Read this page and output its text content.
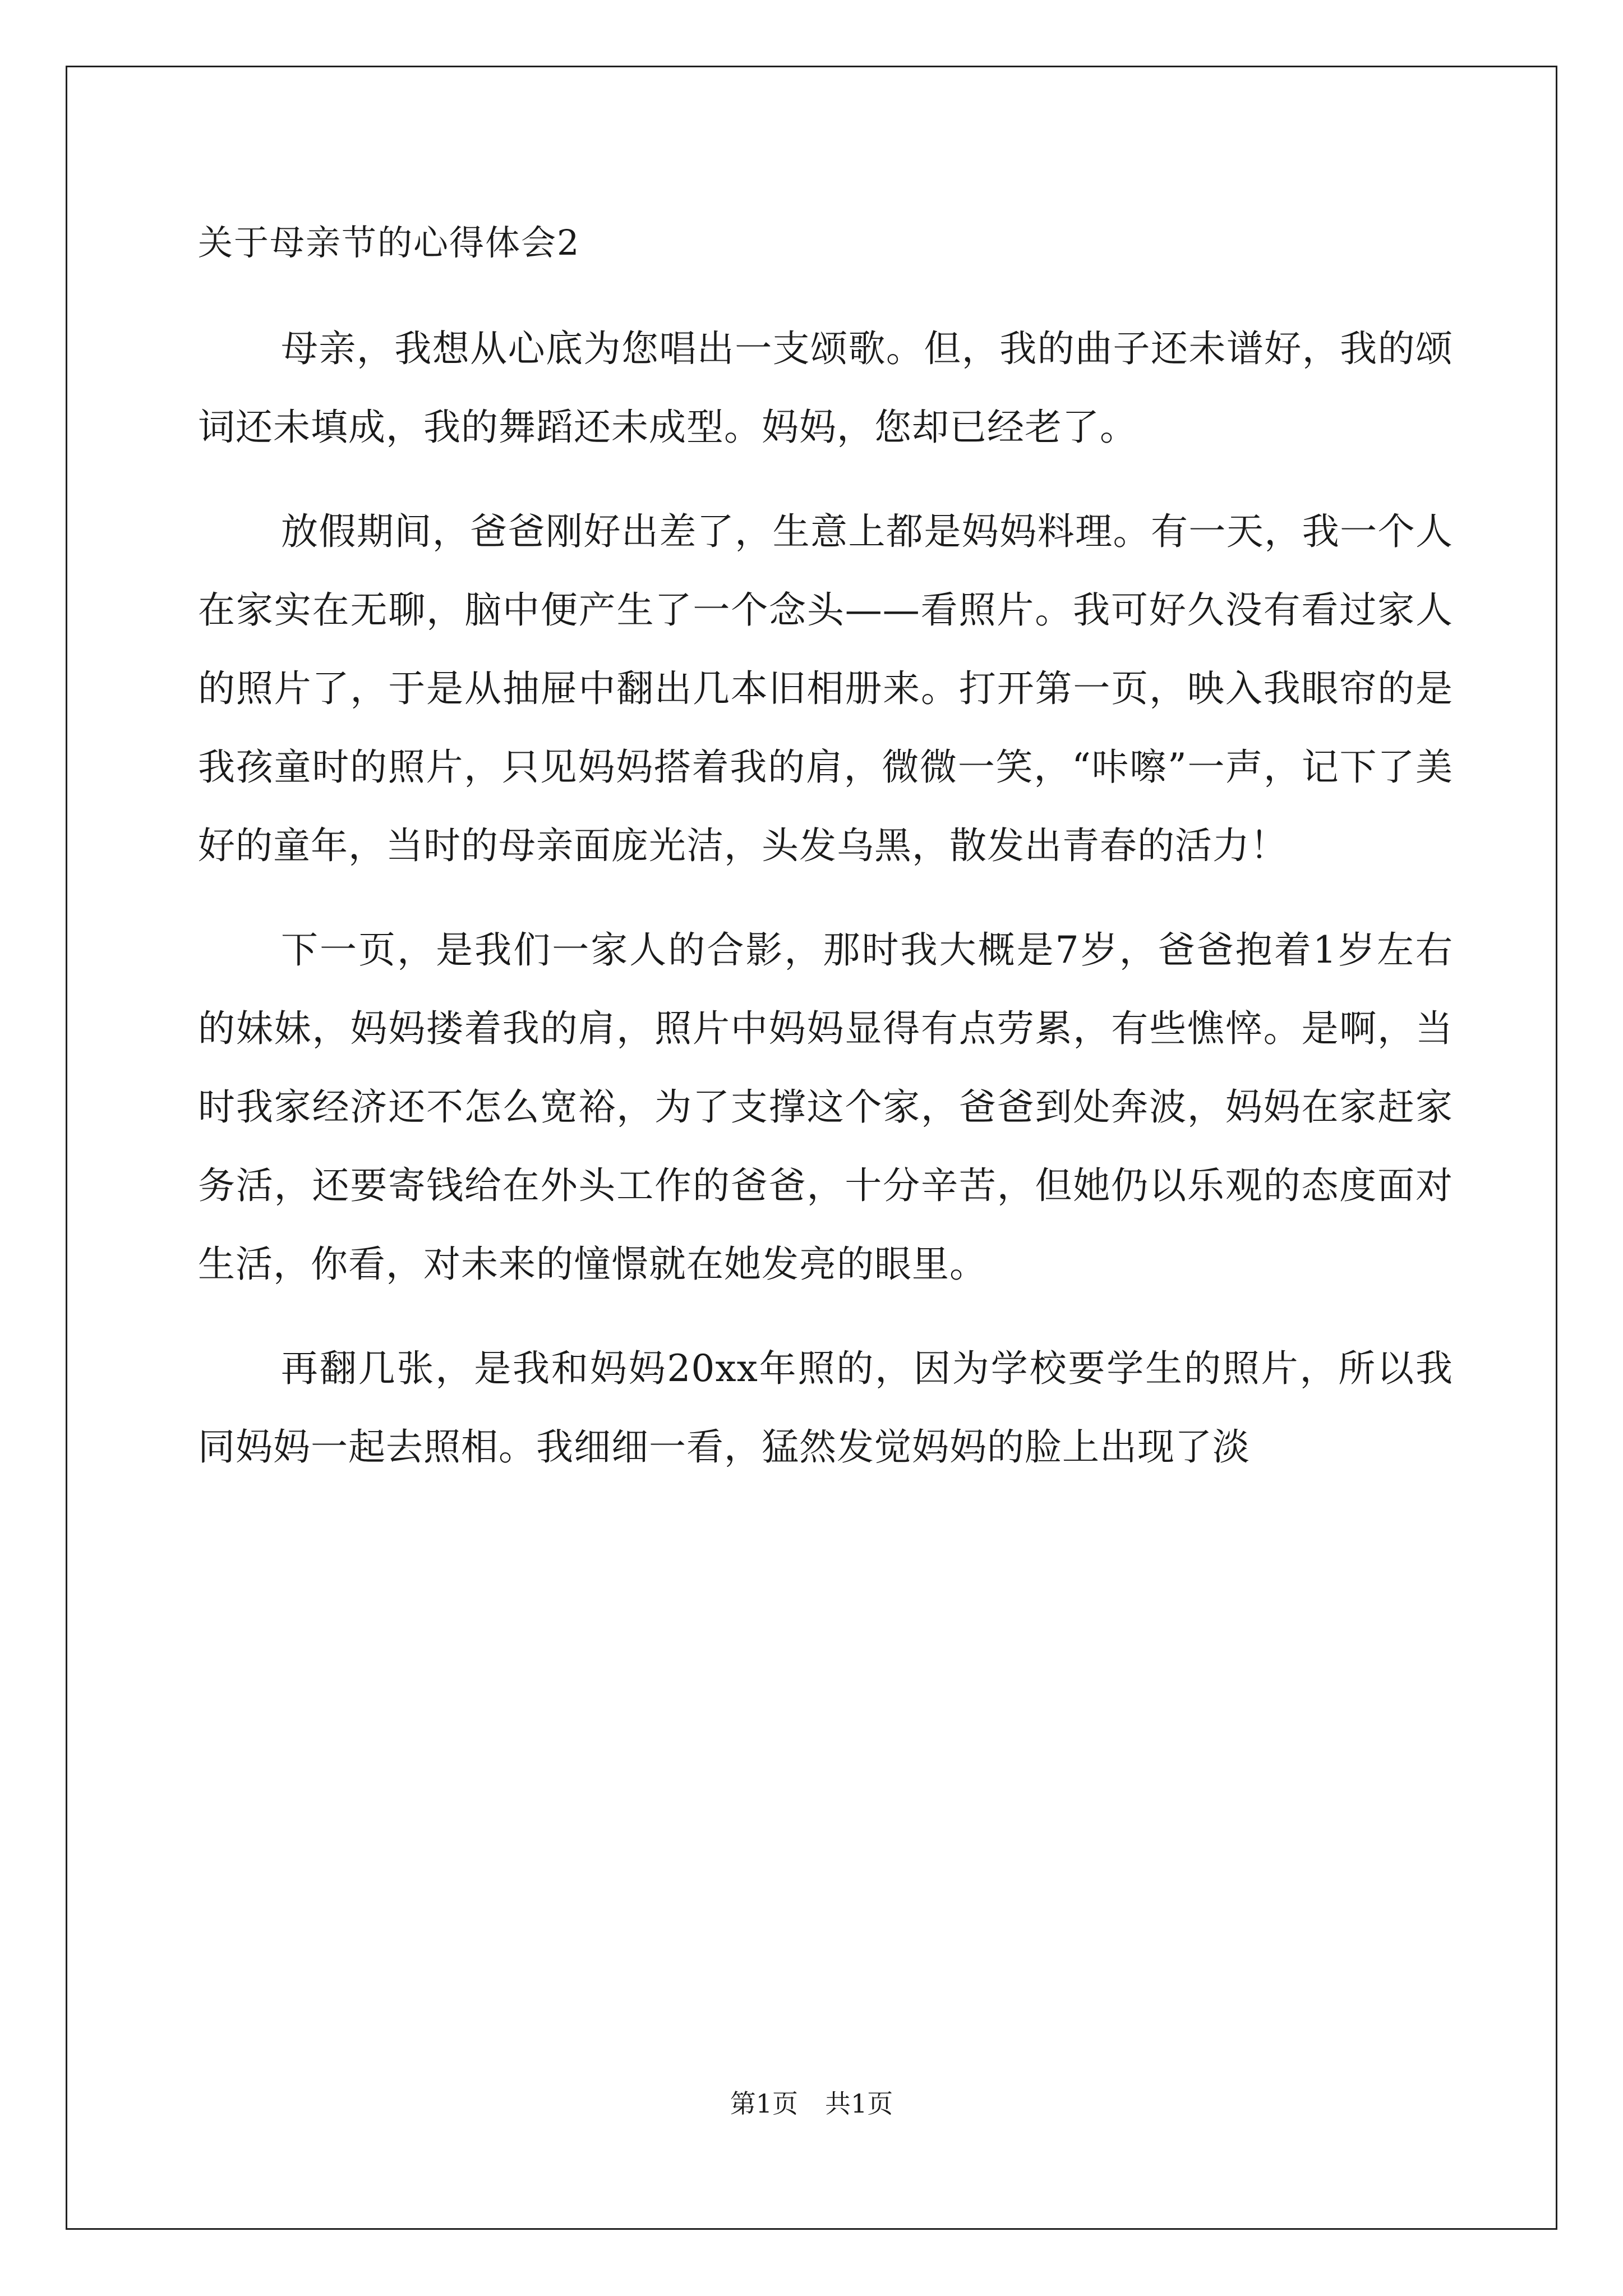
关于母亲节的心得体会2

母亲，我想从心底为您唱出一支颂歌。但，我的曲子还未谱好，我的颂词还未填成，我的舞蹈还未成型。妈妈，您却已经老了。

放假期间，爸爸刚好出差了，生意上都是妈妈料理。有一天，我一个人在家实在无聊，脑中便产生了一个念头——看照片。我可好久没有看过家人的照片了，于是从抽屉中翻出几本旧相册来。打开第一页，映入我眼帘的是我孩童时的照片，只见妈妈搭着我的肩，微微一笑，“咔嚓”一声，记下了美好的童年，当时的母亲面庞光洁，头发乌黑，散发出青春的活力！

下一页，是我们一家人的合影，那时我大概是7岁，爸爸抱着1岁左右的妹妹，妈妈搂着我的肩，照片中妈妈显得有点劳累，有些憔悴。是啊，当时我家经济还不怎么宽裕，为了支撑这个家，爸爸到处奔波，妈妈在家赶家务活，还要寄钱给在外头工作的爸爸，十分辛苦，但她仍以乐观的态度面对生活，你看，对未来的憧憬就在她发亮的眼里。

再翻几张，是我和妈妈20xx年照的，因为学校要学生的照片，所以我同妈妈一起去照相。我细细一看，猛然发觉妈妈的脸上出现了淡

第1页 共1页
